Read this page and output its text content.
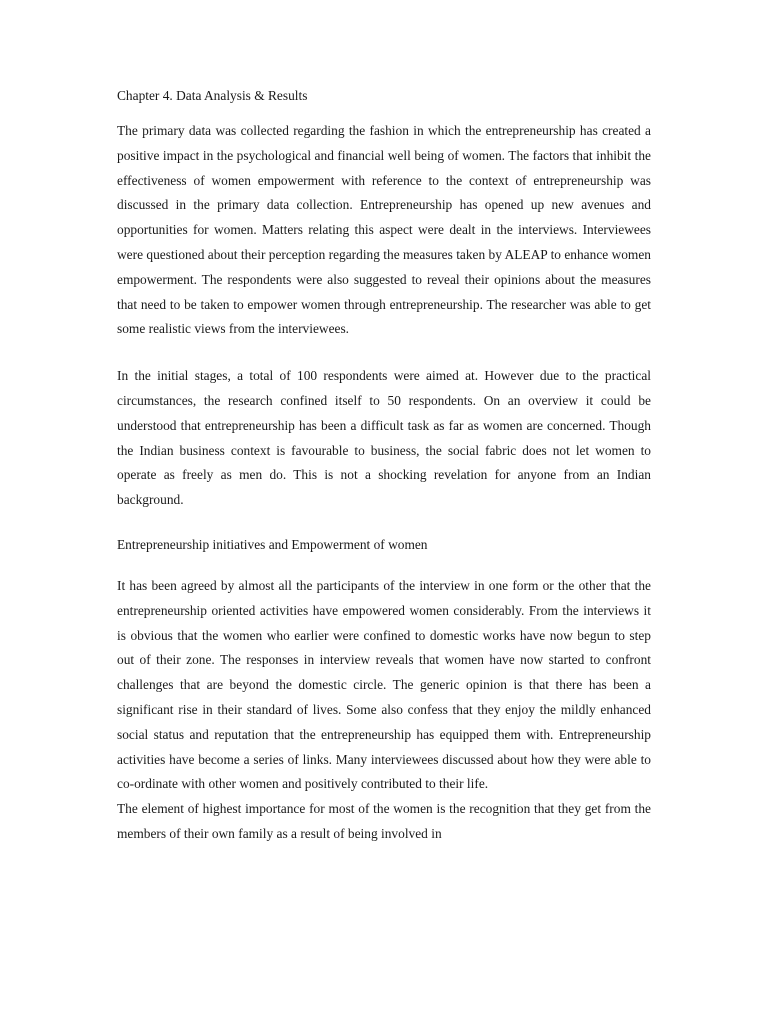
Chapter 4. Data Analysis & Results

The primary data was collected regarding the fashion in which the entrepreneurship has created a positive impact in the psychological and financial well being of women. The factors that inhibit the effectiveness of women empowerment with reference to the context of entrepreneurship was discussed in the primary data collection. Entrepreneurship has opened up new avenues and opportunities for women. Matters relating this aspect were dealt in the interviews. Interviewees were questioned about their perception regarding the measures taken by ALEAP to enhance women empowerment. The respondents were also suggested to reveal their opinions about the measures that need to be taken to empower women through entrepreneurship. The researcher was able to get some realistic views from the interviewees.

In the initial stages, a total of 100 respondents were aimed at. However due to the practical circumstances, the research confined itself to 50 respondents. On an overview it could be understood that entrepreneurship has been a difficult task as far as women are concerned. Though the Indian business context is favourable to business, the social fabric does not let women to operate as freely as men do. This is not a shocking revelation for anyone from an Indian background.

Entrepreneurship initiatives and Empowerment of women

It has been agreed by almost all the participants of the interview in one form or the other that the entrepreneurship oriented activities have empowered women considerably. From the interviews it is obvious that the women who earlier were confined to domestic works have now begun to step out of their zone. The responses in interview reveals that women have now started to confront challenges that are beyond the domestic circle. The generic opinion is that there has been a significant rise in their standard of lives. Some also confess that they enjoy the mildly enhanced social status and reputation that the entrepreneurship has equipped them with. Entrepreneurship activities have become a series of links. Many interviewees discussed about how they were able to co-ordinate with other women and positively contributed to their life.

The element of highest importance for most of the women is the recognition that they get from the members of their own family as a result of being involved in
